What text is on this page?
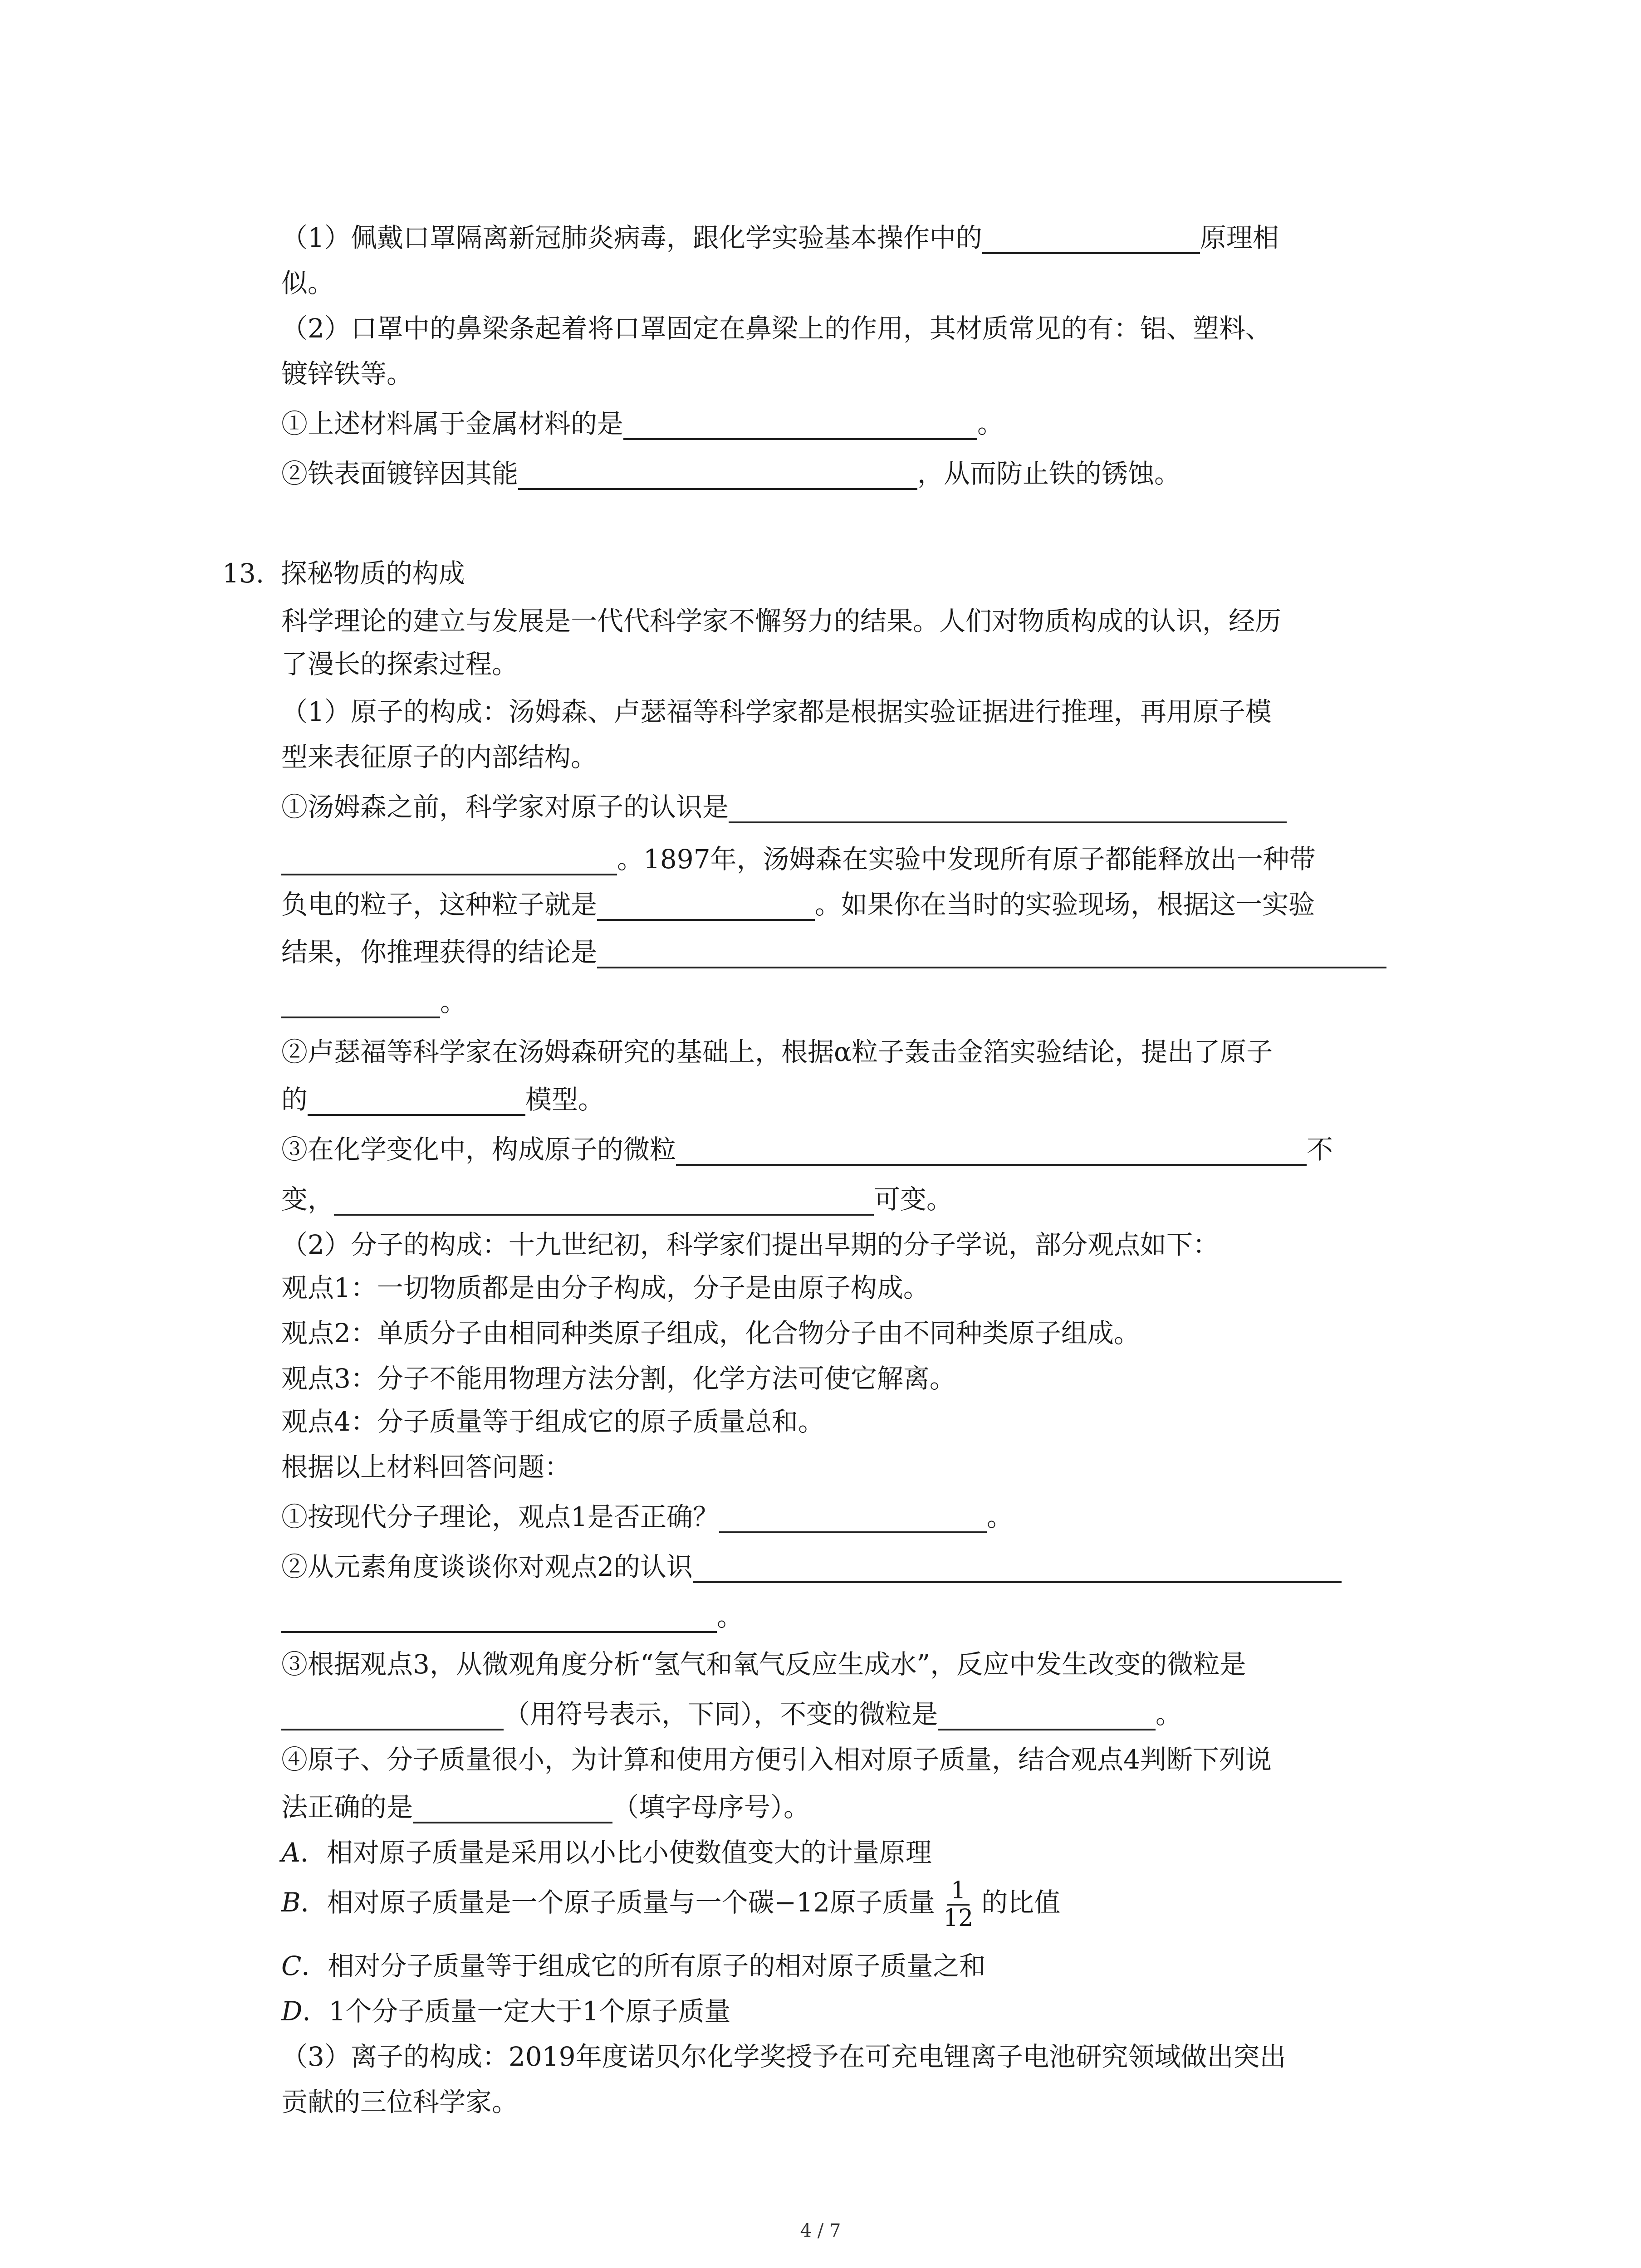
（1）佩戴口罩隔离新冠肺炎病毒，跟化学实验基本操作中的	原理相
似。
（2）口罩中的鼻梁条起着将口罩固定在鼻梁上的作用，其材质常见的有：铝、塑料、
镀锌铁等。
①上述材料属于金属材料的是	。
②铁表面镀锌因其能	，从而防止铁的锈蚀。
13. 探秘物质的构成
科学理论的建立与发展是一代代科学家不懈努力的结果。人们对物质构成的认识，经历
了漫长的探索过程。
（1）原子的构成：汤姆森、卢瑟福等科学家都是根据实验证据进行推理，再用原子模
型来表征原子的内部结构。
①汤姆森之前，科学家对原子的认识是
。1897年，汤姆森在实验中发现所有原子都能释放出一种带
负电的粒子，这种粒子就是	。如果你在当时的实验现场，根据这一实验
结果，你推理获得的结论是
。
②卢瑟福等科学家在汤姆森研究的基础上，根据α粒子轰击金箔实验结论，提出了原子
的	模型。
③在化学变化中，构成原子的微粒	不
变，	可变。
（2）分子的构成：十九世纪初，科学家们提出早期的分子学说，部分观点如下：
观点1：一切物质都是由分子构成，分子是由原子构成。
观点2：单质分子由相同种类原子组成，化合物分子由不同种类原子组成。
观点3：分子不能用物理方法分割，化学方法可使它解离。
观点4：分子质量等于组成它的原子质量总和。
根据以上材料回答问题：
①按现代分子理论，观点1是否正确？	。
②从元素角度谈谈你对观点2的认识
。
③根据观点3，从微观角度分析“氢气和氧气反应生成水”，反应中发生改变的微粒是
（用符号表示，下同），不变的微粒是	。
④原子、分子质量很小，为计算和使用方便引入相对原子质量，结合观点4判断下列说
法正确的是	（填字母序号）。
A．相对原子质量是采用以小比小使数值变大的计量原理
B．相对原子质量是一个原子质量与一个碳−12原子质量 $\frac{1}{12}$ 的比值
C．相对分子质量等于组成它的所有原子的相对原子质量之和
D．1个分子质量一定大于1个原子质量
（3）离子的构成：2019年度诺贝尔化学奖授予在可充电锂离子电池研究领域做出突出
贡献的三位科学家。
4 / 7
